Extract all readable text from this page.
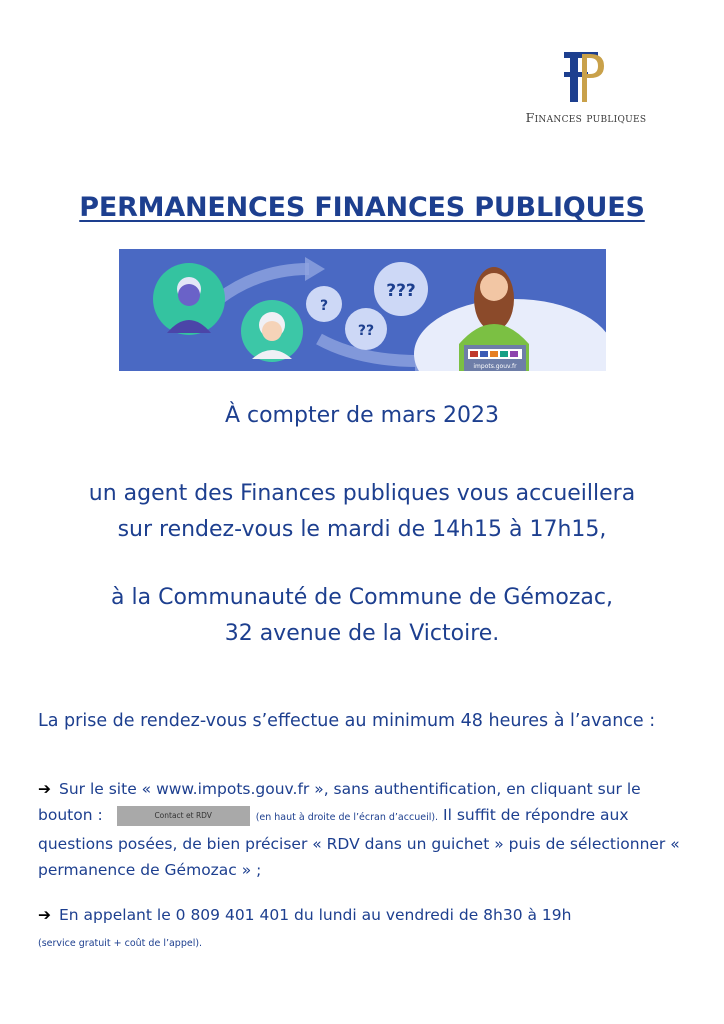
Finances publiques
PERMANENCES FINANCES PUBLIQUES
?
??
???
impots.gouv.fr
À compter de mars 2023
un agent des Finances publiques vous accueillera
sur rendez-vous le mardi de 14h15 à 17h15,
à la Communauté de Commune de Gémozac,
32 avenue de la Victoire.
La prise de rendez-vous s’effectue au minimum 48 heures à l’avance :
➔ Sur le site « www.impots.gouv.fr », sans authentification, en cliquant sur le bouton :	Contact et RDV	(en haut à droite de l’écran d’accueil). Il suffit de répondre aux questions posées, de bien préciser « RDV dans un guichet » puis de sélectionner « permanence de Gémozac » ;
➔ En appelant le 0 809 401 401 du lundi au vendredi de 8h30 à 19h
(service gratuit + coût de l’appel).
